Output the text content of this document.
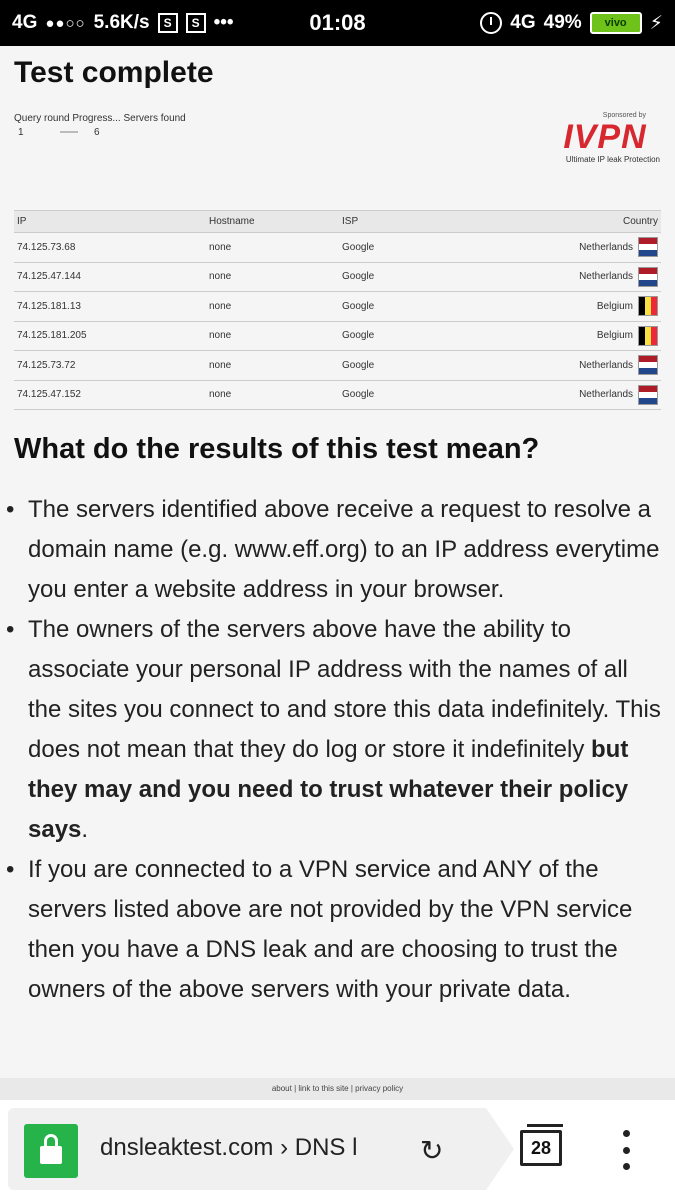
4G ●●○○ 5.6K/s	S	S •••	01:08	4G 49%	vivo	⚡
Test complete
Query round Progress... Servers found
1	6
Sponsored by
IVPN
Ultimate IP leak Protection
IP	Hostname	ISP	Country
74.125.73.68	none	Google	Netherlands

74.125.47.144	none	Google	Netherlands

74.125.181.13	none	Google	Belgium

74.125.181.205	none	Google	Belgium

74.125.73.72	none	Google	Netherlands

74.125.47.152	none	Google	Netherlands
What do the results of this test mean?
• The servers identified above receive a request to resolve a domain name (e.g. www.eff.org) to an IP address everytime you enter a website address in your browser.
• The owners of the servers above have the ability to associate your personal IP address with the names of all the sites you connect to and store this data indefinitely. This does not mean that they do log or store it indefinitely but they may and you need to trust whatever their policy says.
• If you are connected to a VPN service and ANY of the servers listed above are not provided by the VPN service then you have a DNS leak and are choosing to trust the owners of the above servers with your private data.
about | link to this site | privacy policy
dnsleaktest.com › DNS l	↻	28
